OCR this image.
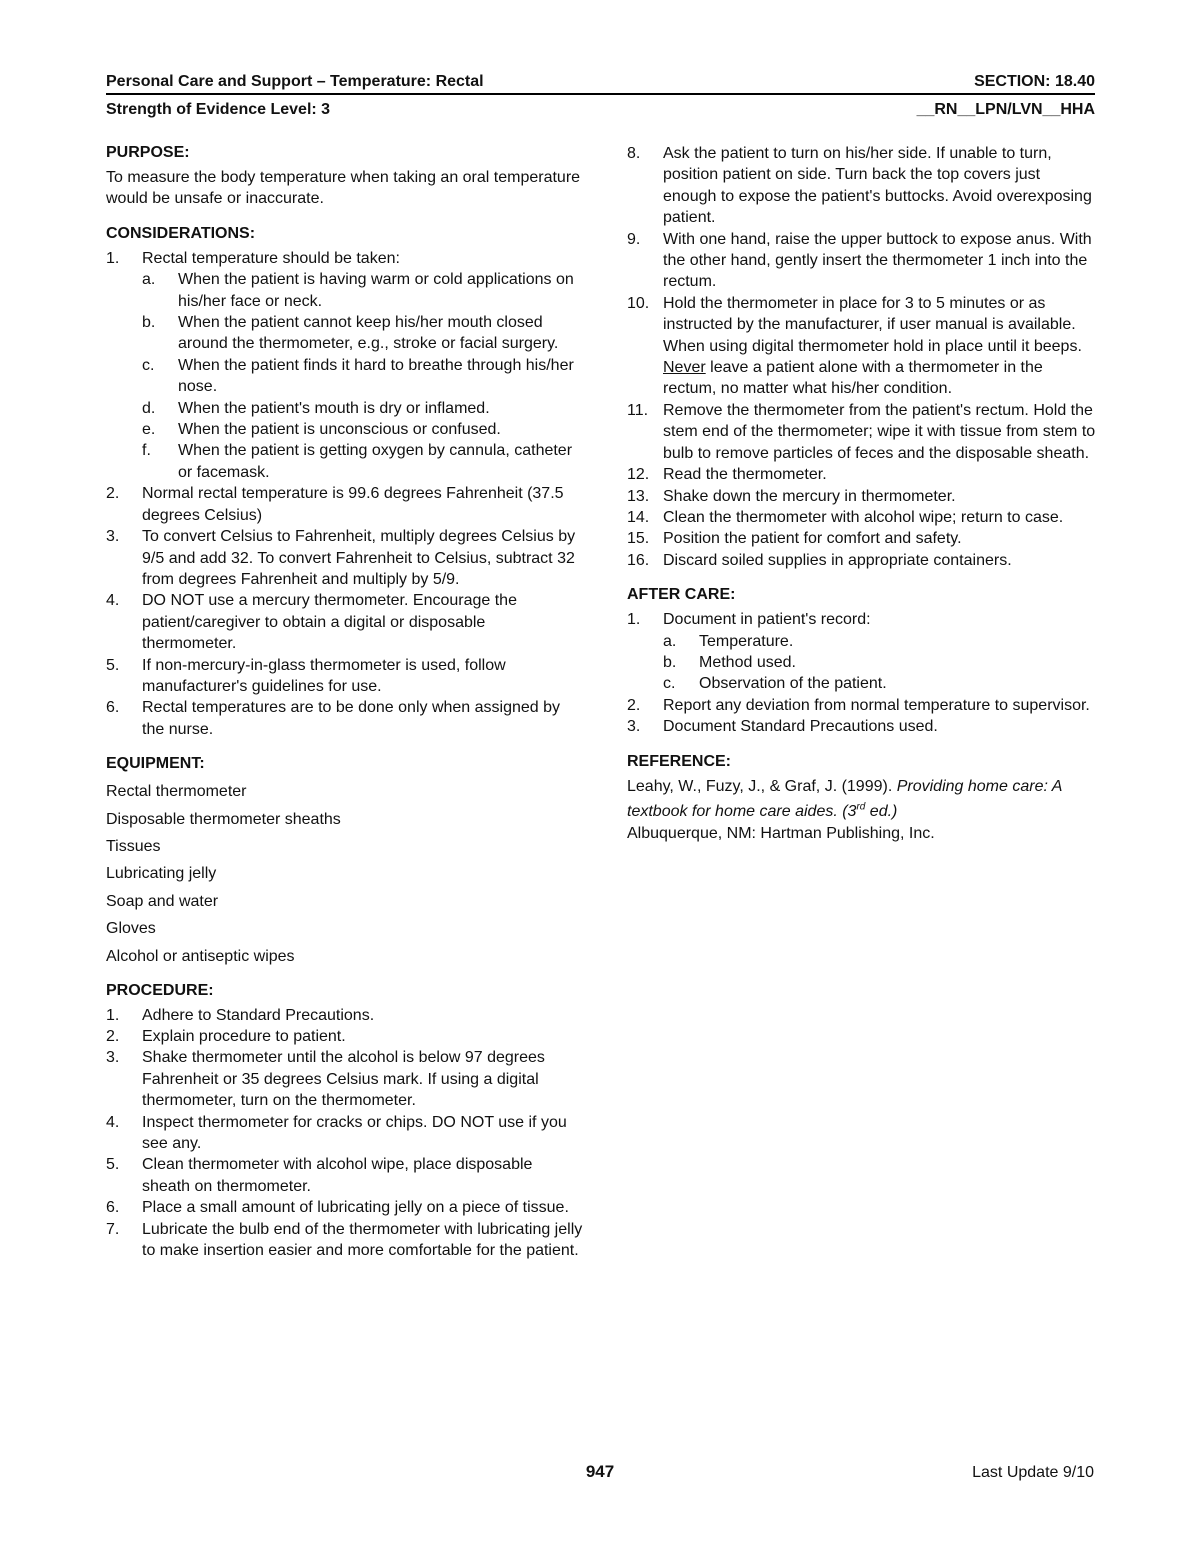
Personal Care and Support – Temperature: Rectal	SECTION: 18.40
Strength of Evidence Level: 3	__RN__LPN/LVN__HHA
PURPOSE:

To measure the body temperature when taking an oral temperature would be unsafe or inaccurate.

CONSIDERATIONS:
1. Rectal temperature should be taken:
a. When the patient is having warm or cold applications on his/her face or neck.
b. When the patient cannot keep his/her mouth closed around the thermometer, e.g., stroke or facial surgery.
c. When the patient finds it hard to breathe through his/her nose.
d. When the patient's mouth is dry or inflamed.
e. When the patient is unconscious or confused.
f. When the patient is getting oxygen by cannula, catheter or facemask.
2. Normal rectal temperature is 99.6 degrees Fahrenheit (37.5 degrees Celsius)
3. To convert Celsius to Fahrenheit, multiply degrees Celsius by 9/5 and add 32. To convert Fahrenheit to Celsius, subtract 32 from degrees Fahrenheit and multiply by 5/9.
4. DO NOT use a mercury thermometer. Encourage the patient/caregiver to obtain a digital or disposable thermometer.
5. If non-mercury-in-glass thermometer is used, follow manufacturer's guidelines for use.
6. Rectal temperatures are to be done only when assigned by the nurse.
EQUIPMENT:

Rectal thermometer

Disposable thermometer sheaths

Tissues

Lubricating jelly

Soap and water

Gloves

Alcohol or antiseptic wipes

PROCEDURE:
1. Adhere to Standard Precautions.
2. Explain procedure to patient.
3. Shake thermometer until the alcohol is below 97 degrees Fahrenheit or 35 degrees Celsius mark. If using a digital thermometer, turn on the thermometer.
4. Inspect thermometer for cracks or chips. DO NOT use if you see any.
5. Clean thermometer with alcohol wipe, place disposable sheath on thermometer.
6. Place a small amount of lubricating jelly on a piece of tissue.
7. Lubricate the bulb end of the thermometer with lubricating jelly to make insertion easier and more comfortable for the patient.
8. Ask the patient to turn on his/her side. If unable to turn, position patient on side. Turn back the top covers just enough to expose the patient's buttocks. Avoid overexposing patient.
9. With one hand, raise the upper buttock to expose anus. With the other hand, gently insert the thermometer 1 inch into the rectum.
10. Hold the thermometer in place for 3 to 5 minutes or as instructed by the manufacturer, if user manual is available. When using digital thermometer hold in place until it beeps. Never leave a patient alone with a thermometer in the rectum, no matter what his/her condition.
11. Remove the thermometer from the patient's rectum. Hold the stem end of the thermometer; wipe it with tissue from stem to bulb to remove particles of feces and the disposable sheath.
12. Read the thermometer.
13. Shake down the mercury in thermometer.
14. Clean the thermometer with alcohol wipe; return to case.
15. Position the patient for comfort and safety.
16. Discard soiled supplies in appropriate containers.
AFTER CARE:
1. Document in patient's record:
a. Temperature.
b. Method used.
c. Observation of the patient.
2. Report any deviation from normal temperature to supervisor.
3. Document Standard Precautions used.
REFERENCE:

Leahy, W., Fuzy, J., & Graf, J. (1999). Providing home care: A textbook for home care aides. (3rd ed.)

Albuquerque, NM: Hartman Publishing, Inc.

947	Last Update 9/10
